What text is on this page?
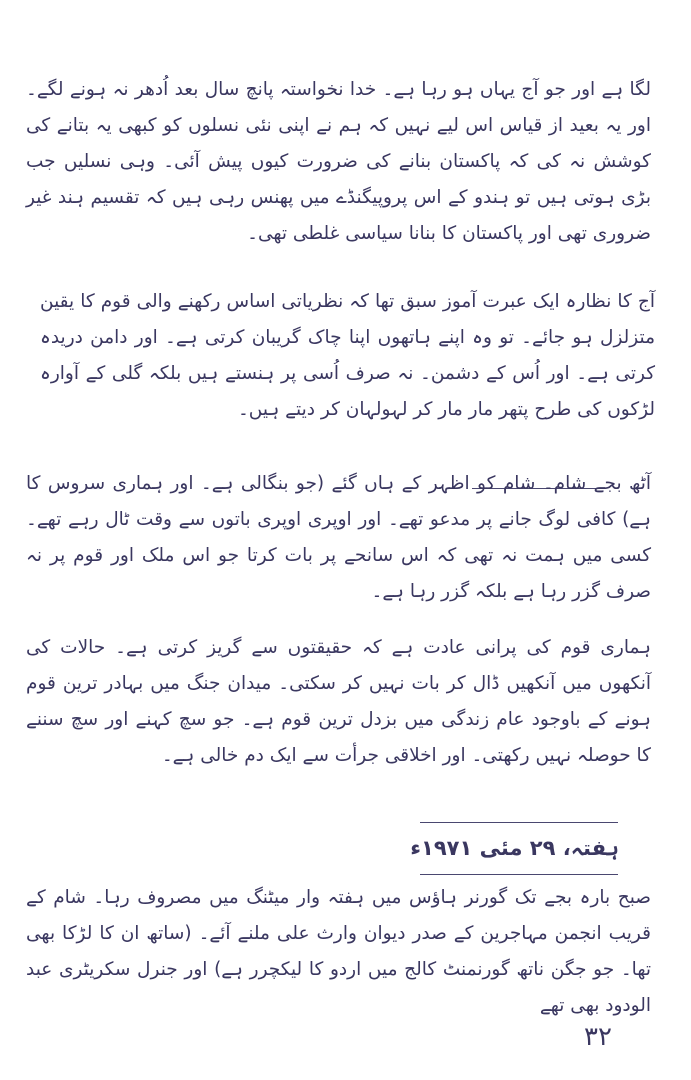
لگا ہے اور جو آج یہاں ہو رہا ہے۔ خدا نخواستہ پانچ سال بعد اُدھر نہ ہونے لگے۔ اور یہ بعید از قیاس اس لیے نہیں کہ ہم نے اپنی نئی نسلوں کو کبھی یہ بتانے کی کوشش نہ کی کہ پاکستان بنانے کی ضرورت کیوں پیش آئی۔ وہی نسلیں جب بڑی ہوتی ہیں تو ہندو کے اس پروپیگنڈے میں پھنس رہی ہیں کہ تقسیم ہند غیر ضروری تھی اور پاکستان کا بنانا سیاسی غلطی تھی۔

آج کا نظارہ ایک عبرت آموز سبق تھا کہ نظریاتی اساس رکھنے والی قوم کا یقین متزلزل ہو جائے۔ تو وہ اپنے ہاتھوں اپنا چاک گریبان کرتی ہے۔ اور دامن دریدہ کرتی ہے۔ اور اُس کے دشمن۔ نہ صرف اُسی پر ہنستے ہیں بلکہ گلی کے آوارہ لڑکوں کی طرح پتھر مار مار کر لہولہان کر دیتے ہیں۔

آٹھ بجے شام۔ شام کو اظہر کے ہاں گئے (جو بنگالی ہے۔ اور ہماری سروس کا ہے) کافی لوگ جانے پر مدعو تھے۔ اور اوپری اوپری باتوں سے وقت ٹال رہے تھے۔ کسی میں ہمت نہ تھی کہ اس سانحے پر بات کرتا جو اس ملک اور قوم پر نہ صرف گزر رہا ہے بلکہ گزر رہا ہے۔

ہماری قوم کی پرانی عادت ہے کہ حقیقتوں سے گریز کرتی ہے۔ حالات کی آنکھوں میں آنکھیں ڈال کر بات نہیں کر سکتی۔ میدان جنگ میں بہادر ترین قوم ہونے کے باوجود عام زندگی میں بزدل ترین قوم ہے۔ جو سچ کہنے اور سچ سننے کا حوصلہ نہیں رکھتی۔ اور اخلاقی جرأت سے ایک دم خالی ہے۔

ہفتہ، ۲۹ مئی ۱۹۷۱ء

صبح بارہ بجے تک گورنر ہاؤس میں ہفتہ وار میٹنگ میں مصروف رہا۔ شام کے قریب انجمن مہاجرین کے صدر دیوان وارث علی ملنے آئے۔ (ساتھ ان کا لڑکا بھی تھا۔ جو جگن ناتھ گورنمنٹ کالج میں اردو کا لیکچرر ہے) اور جنرل سکریٹری عبد الودود بھی تھے

۳۲
